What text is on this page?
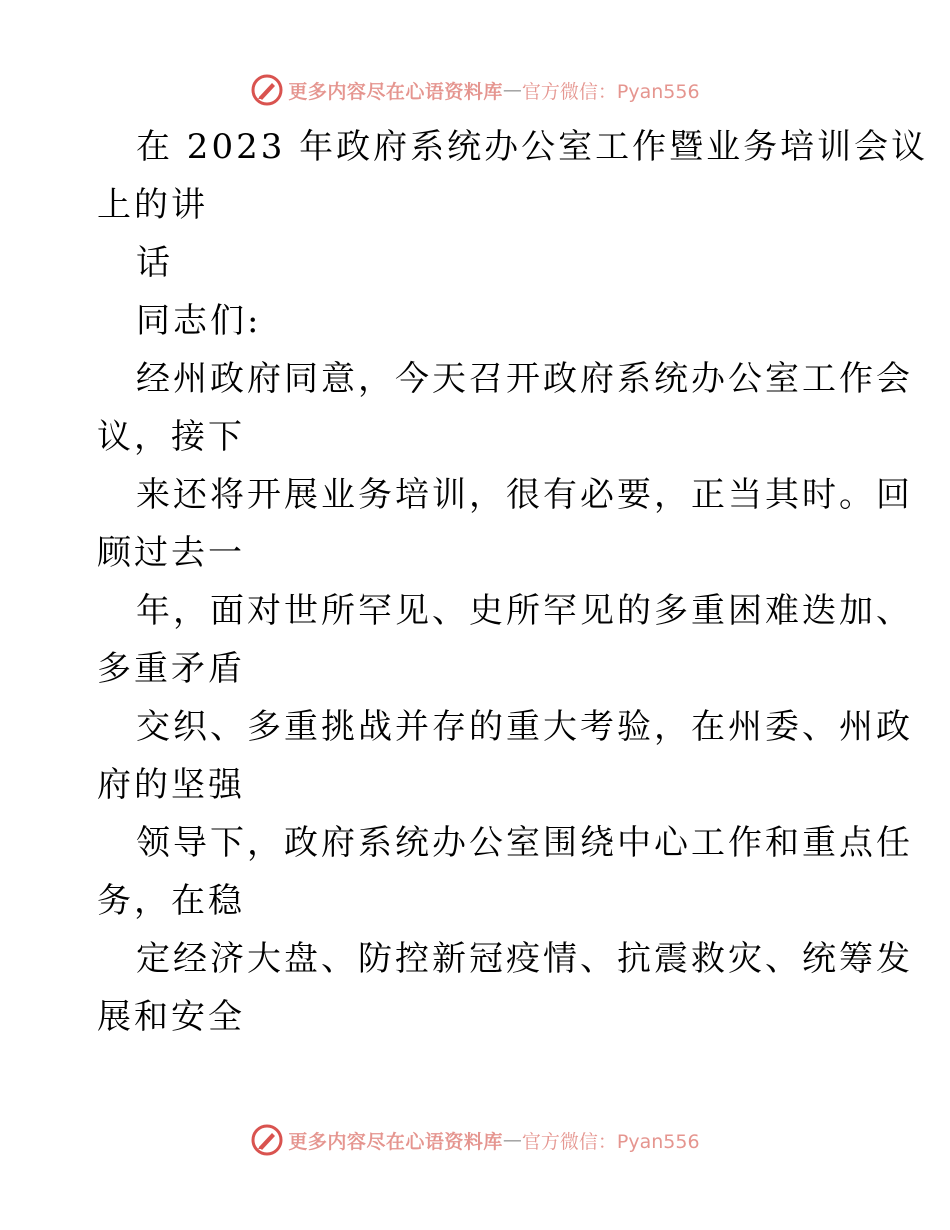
更多内容尽在心语资料库 — 官方微信：Pyan556
在 2023 年政府系统办公室工作暨业务培训会议
上的讲
话
同志们:
经州政府同意，今天召开政府系统办公室工作会
议，接下
来还将开展业务培训，很有必要，正当其时。回
顾过去一
年，面对世所罕见、史所罕见的多重困难迭加、
多重矛盾
交织、多重挑战并存的重大考验，在州委、州政
府的坚强
领导下，政府系统办公室围绕中心工作和重点任
务，在稳
定经济大盘、防控新冠疫情、抗震救灾、统筹发
展和安全
更多内容尽在心语资料库 — 官方微信：Pyan556
